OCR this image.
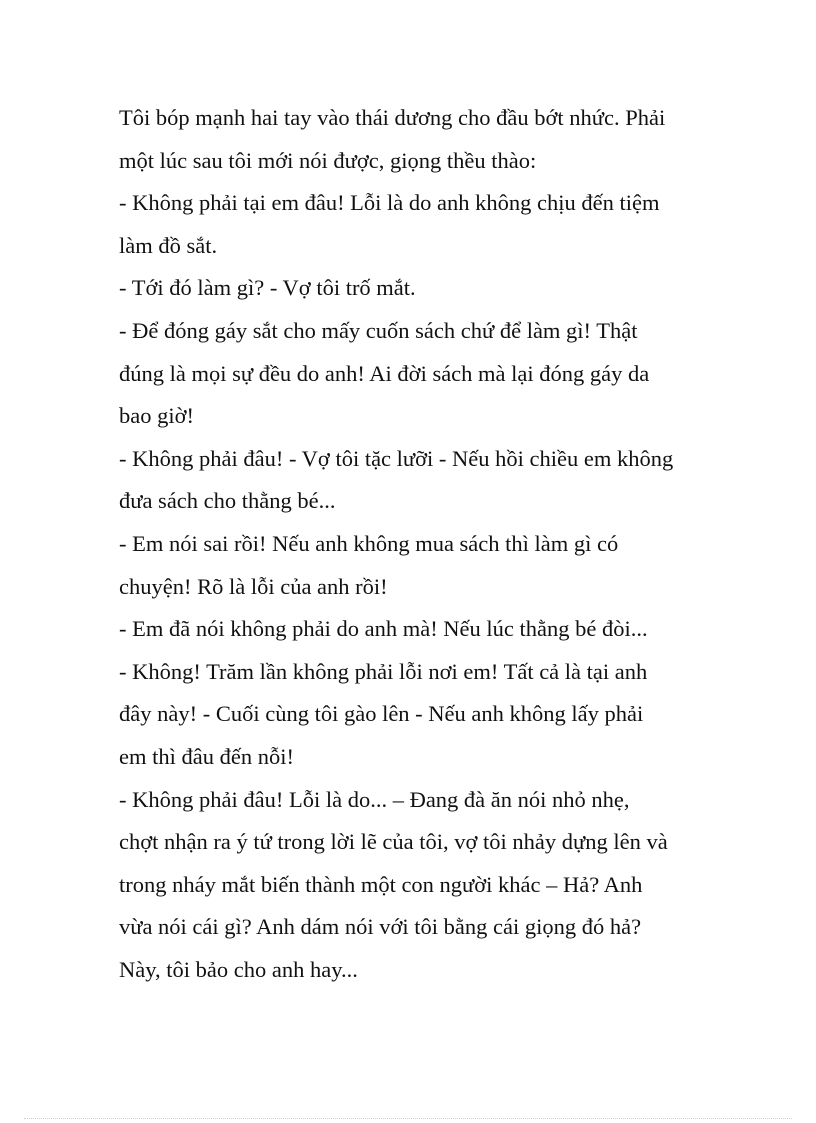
Tôi bóp mạnh hai tay vào thái dương cho đầu bớt nhức. Phải
một lúc sau tôi mới nói được, giọng thều thào:
- Không phải tại em đâu! Lỗi là do anh không chịu đến tiệm
làm đồ sắt.
- Tới đó làm gì? - Vợ tôi trố mắt.
- Để đóng gáy sắt cho mấy cuốn sách chứ để làm gì! Thật
đúng là mọi sự đều do anh! Ai đời sách mà lại đóng gáy da
bao giờ!
- Không phải đâu! - Vợ tôi tặc lưỡi - Nếu hồi chiều em không
đưa sách cho thằng bé...
- Em nói sai rồi! Nếu anh không mua sách thì làm gì có
chuyện! Rõ là lỗi của anh rồi!
- Em đã nói không phải do anh mà! Nếu lúc thằng bé đòi...
- Không! Trăm lần không phải lỗi nơi em! Tất cả là tại anh
đây này! - Cuối cùng tôi gào lên - Nếu anh không lấy phải
em thì đâu đến nỗi!
- Không phải đâu! Lỗi là do... – Đang đà ăn nói nhỏ nhẹ,
chợt nhận ra ý tứ trong lời lẽ của tôi, vợ tôi nhảy dựng lên và
trong nháy mắt biến thành một con người khác – Hả? Anh
vừa nói cái gì? Anh dám nói với tôi bằng cái giọng đó hả?
Này, tôi bảo cho anh hay...
